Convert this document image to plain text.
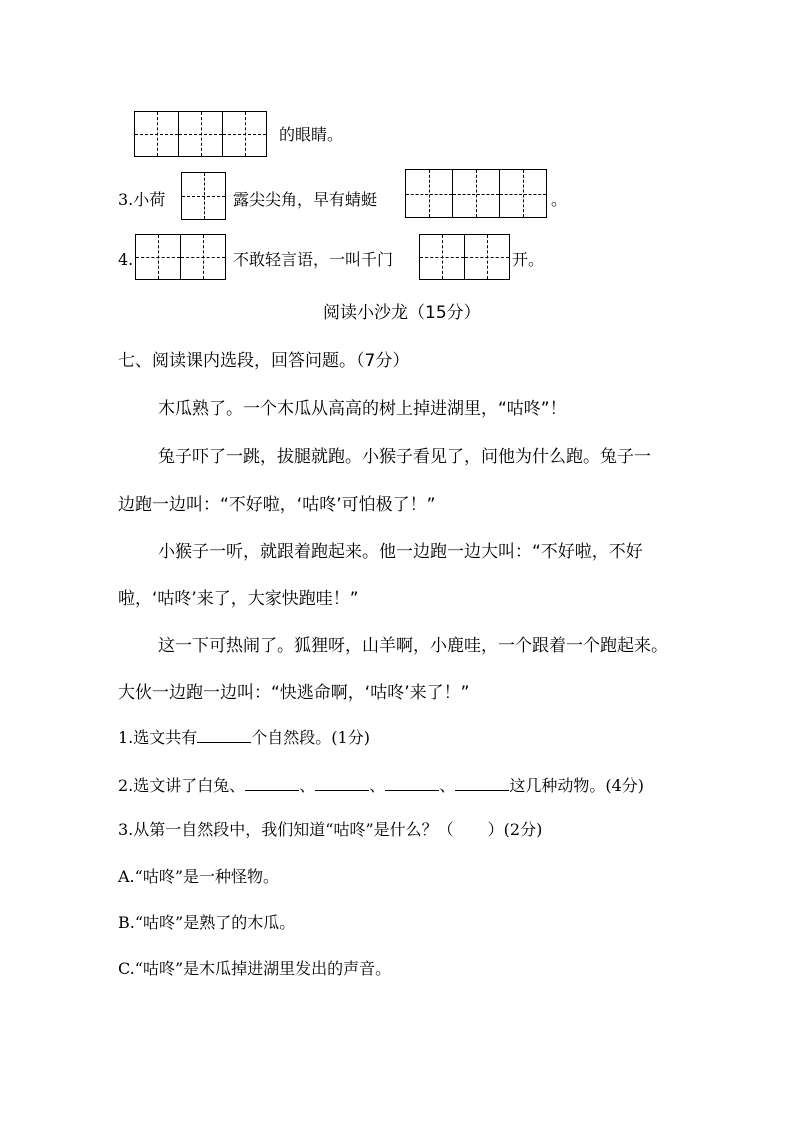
的眼睛。
3.小荷	露尖尖角，早有蜻蜓	。
4.	不敢轻言语，一叫千门	开。
阅读小沙龙（15分）
七、阅读课内选段，回答问题。（7分）
木瓜熟了。一个木瓜从高高的树上掉进湖里，“咕咚”！
兔子吓了一跳，拔腿就跑。小猴子看见了，问他为什么跑。兔子一
边跑一边叫：“不好啦，‘咕咚’可怕极了！”
小猴子一听，就跟着跑起来。他一边跑一边大叫：“不好啦，不好
啦，‘咕咚’来了，大家快跑哇！”
这一下可热闹了。狐狸呀，山羊啊，小鹿哇，一个跟着一个跑起来。
大伙一边跑一边叫：“快逃命啊，‘咕咚’来了！”
1.选文共有	个自然段。(1分)
2.选文讲了白兔、	、	、	、	这几种动物。(4分)
3.从第一自然段中，我们知道“咕咚”是什么？（ ）(2分)
A.“咕咚”是一种怪物。
B.“咕咚”是熟了的木瓜。
C.“咕咚”是木瓜掉进湖里发出的声音。
